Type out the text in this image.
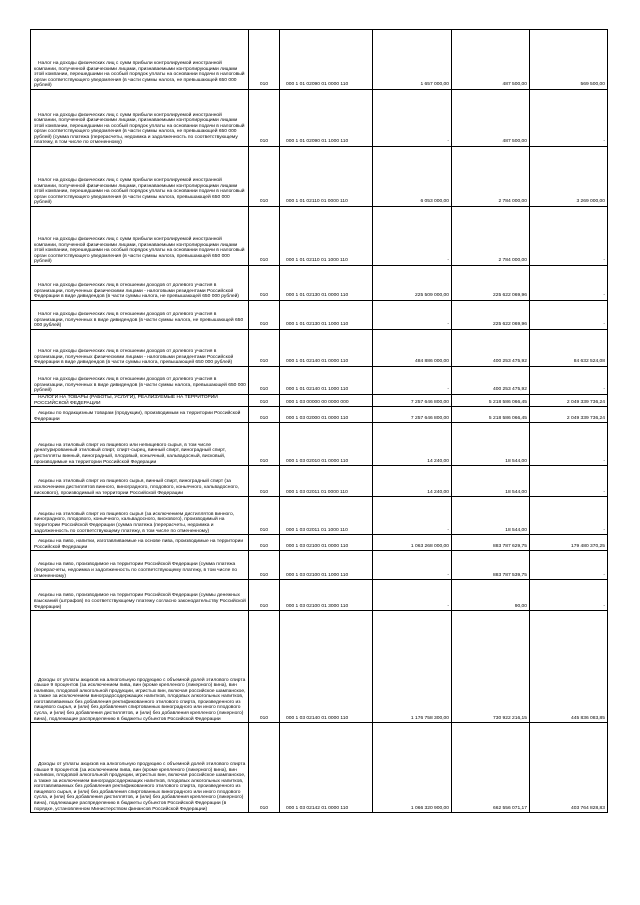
Налог на доходы физических лиц с сумм прибыли контролируемой иностранной компании, полученной физическими лицами, признаваемыми контролирующими лицами этой компании, перешедшими на особый порядок уплаты на основании подачи в налоговый орган соответствующего уведомления (в части суммы налога, не превышающей 650 000 рублей)	010	000 1 01 02090 01 0000 110	1 657 000,00	487 500,00	569 500,00

Налог на доходы физических лиц с сумм прибыли контролируемой иностранной компании, полученной физическими лицами, признаваемыми контролирующими лицами этой компании, перешедшими на особый порядок уплаты на основании подачи в налоговый орган соответствующего уведомления (в части суммы налога, не превышающей 650 000 рублей) (сумма платежа (перерасчеты, недоимка и задолженность по соответствующему платежу, в том числе по отмененному)	010	000 1 01 02090 01 1000 110	-	487 500,00	-

Налог на доходы физических лиц с сумм прибыли контролируемой иностранной компании, полученной физическими лицами, признаваемыми контролирующими лицами этой компании, перешедшими на особый порядок уплаты на основании подачи в налоговый орган соответствующего уведомления (в части суммы налога, превышающей 650 000 рублей)	010	000 1 01 02110 01 0000 110	6 053 000,00	2 784 000,00	3 269 000,00

Налог на доходы физических лиц с сумм прибыли контролируемой иностранной компании, полученной физическими лицами, признаваемыми контролирующими лицами этой компании, перешедшими на особый порядок уплаты на основании подачи в налоговый орган соответствующего уведомления (в части суммы налога, превышающей 650 000 рублей)	010	000 1 01 02110 01 1000 110	-	2 784 000,00	-

Налог на доходы физических лиц в отношении доходов от долевого участия в организации, полученных физическими лицами - налоговыми резидентами Российской Федерации в виде дивидендов (в части суммы налога, не превышающей 650 000 рублей)	010	000 1 01 02130 01 0000 110	225 509 000,00	225 622 069,96	-

Налог на доходы физических лиц в отношении доходов от долевого участия в организации, полученных в виде дивидендов (в части суммы налога, не превышающей 650 000 рублей)	010	000 1 01 02130 01 1000 110	-	225 622 069,96	-

Налог на доходы физических лиц в отношении доходов от долевого участия в организации, полученных физическими лицами - налоговыми резидентами Российской Федерации в виде дивидендов (в части суммы налога, превышающей 650 000 рублей)	010	000 1 01 02140 01 0000 110	484 886 000,00	400 253 475,92	84 632 524,08

Налог на доходы физических лиц в отношении доходов от долевого участия в организации, полученных в виде дивидендов (в части суммы налога, превышающей 650 000 рублей)	010	000 1 01 02140 01 1000 110	-	400 253 475,92	-

НАЛОГИ НА ТОВАРЫ (РАБОТЫ, УСЛУГИ), РЕАЛИЗУЕМЫЕ НА ТЕРРИТОРИИ РОССИЙСКОЙ ФЕДЕРАЦИИ	010	000 1 03 00000 00 0000 000	7 257 646 800,00	5 218 586 066,45	2 049 339 736,24

Акцизы по подакцизным товарам (продукции), производимым на территории Российской Федерации	010	000 1 03 02000 01 0000 110	7 257 646 800,00	5 218 586 066,45	2 049 339 736,24

Акцизы на этиловый спирт из пищевого или непищевого сырья, в том числе денатурированный этиловый спирт, спирт-сырец, винный спирт, виноградный спирт, дистилляты винный, виноградный, плодовый, коньячный, кальвадосный, висковый, производимые на территории Российской Федерации	010	000 1 03 02010 01 0000 110	14 240,00	18 544,00	-

Акцизы на этиловый спирт из пищевого сырья, винный спирт, виноградный спирт (за исключением дистиллятов винного, виноградного, плодового, коньячного, кальвадосного, вискового), производимый на территории Российской Федерации	010	000 1 03 02011 01 0000 110	14 240,00	18 544,00	-

Акцизы на этиловый спирт из пищевого сырья (за исключением дистиллятов винного, виноградного, плодового, коньячного, кальвадосного, вискового), производимый на территории Российской Федерации (сумма платежа (перерасчеты, недоимка и задолженность по соответствующему платежу, в том числе по отмененному)	010	000 1 03 02011 01 1000 110	-	18 544,00	-

Акцизы на пиво, напитки, изготавливаемые на основе пива, производимые на территории Российской Федерации	010	000 1 03 02100 01 0000 110	1 063 268 000,00	883 787 629,75	179 480 370,25

Акцизы на пиво, производимое на территории Российской Федерации (сумма платежа (перерасчеты, недоимка и задолженность по соответствующему платежу, в том числе по отмененному)	010	000 1 03 02100 01 1000 110	-	883 787 539,75	-

Акцизы на пиво, производимое на территории Российской Федерации (суммы денежных взысканий (штрафов) по соответствующему платежу согласно законодательству Российской Федерации)	010	000 1 03 02100 01 3000 110	-	90,00	-

Доходы от уплаты акцизов на алкогольную продукцию с объемной долей этилового спирта свыше 9 процентов (за исключением пива, вин (кроме крепленого (ликерного) вина), вин наливом, плодовой алкогольной продукции, игристых вин, включая российское шампанское, а также за исключением виноградосодержащих напитков, плодовых алкогольных напитков, изготавливаемых без добавления ректификованного этилового спирта, произведенного из пищевого сырья, и (или) без добавления спиртованных виноградного или иного плодового сусла, и (или) без добавления дистиллятов, и (или) без добавления крепленого (ликерного) вина), подлежащие распределению в бюджеты субъектов Российской Федерации	010	000 1 03 02140 01 0000 110	1 176 758 300,00	730 922 216,15	445 836 083,85

Доходы от уплаты акцизов на алкогольную продукцию с объемной долей этилового спирта свыше 9 процентов (за исключением пива, вин (кроме крепленого (ликерного) вина), вин наливом, плодовой алкогольной продукции, игристых вин, включая российское шампанское, а также за исключением виноградосодержащих напитков, плодовых алкогольных напитков, изготавливаемых без добавления ректификованного этилового спирта, произведенного из пищевого сырья, и (или) без добавления спиртованных виноградного или иного плодового сусла, и (или) без добавления дистиллятов, и (или) без добавления крепленого (ликерного) вина), подлежащие распределению в бюджеты субъектов Российской Федерации (в порядке, установленном Министерством финансов Российской Федерации)	010	000 1 03 02142 01 0000 110	1 066 320 900,00	662 556 071,17	403 764 828,83
